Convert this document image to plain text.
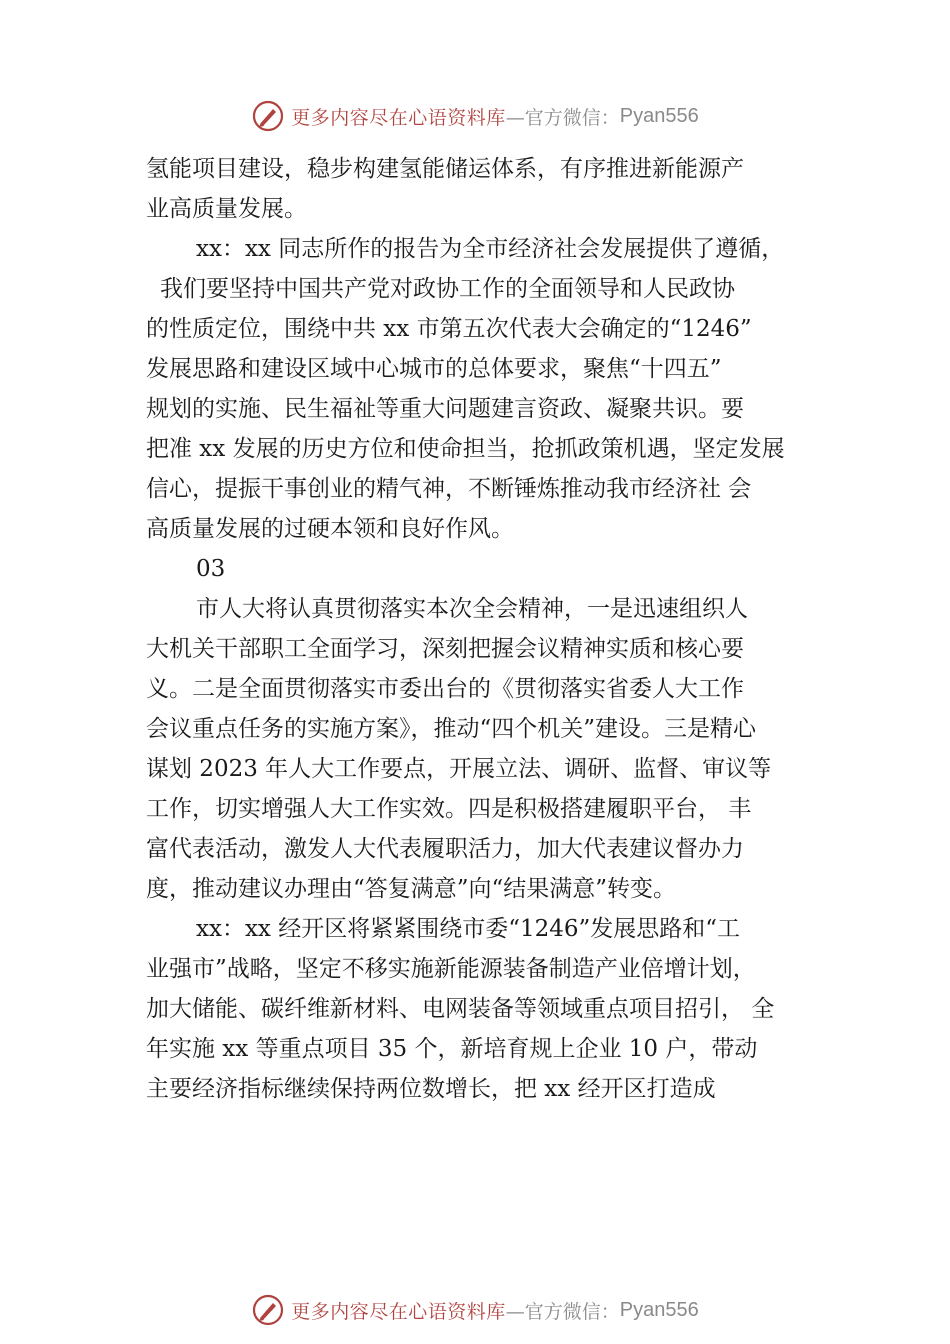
更多内容尽在心语资料库 —官方微信： Pyan556
氢能项目建设，稳步构建氢能储运体系，有序推进新能源产
业高质量发展。
xx：xx 同志所作的报告为全市经济社会发展提供了遵循，
我们要坚持中国共产党对政协工作的全面领导和人民政协
的性质定位，围绕中共 xx 市第五次代表大会确定的“1246”
发展思路和建设区域中心城市的总体要求，聚焦“十四五”
规划的实施、民生福祉等重大问题建言资政、凝聚共识。要
把准 xx 发展的历史方位和使命担当，抢抓政策机遇，坚定发展
信心，提振干事创业的精气神，不断锤炼推动我市经济社 会
高质量发展的过硬本领和良好作风。
03
市人大将认真贯彻落实本次全会精神，一是迅速组织人
大机关干部职工全面学习，深刻把握会议精神实质和核心要
义。二是全面贯彻落实市委出台的《贯彻落实省委人大工作
会议重点任务的实施方案》，推动“四个机关”建设。三是精心
谋划 2023 年人大工作要点，开展立法、调研、监督、审议等
工作，切实增强人大工作实效。四是积极搭建履职平台， 丰
富代表活动，激发人大代表履职活力，加大代表建议督办力
度，推动建议办理由“答复满意”向“结果满意”转变。
xx：xx 经开区将紧紧围绕市委“1246”发展思路和“工
业强市”战略，坚定不移实施新能源装备制造产业倍增计划，
加大储能、碳纤维新材料、电网装备等领域重点项目招引， 全
年实施 xx 等重点项目 35 个，新培育规上企业 10 户，带动
主要经济指标继续保持两位数增长，把 xx 经开区打造成
更多内容尽在心语资料库 —官方微信： Pyan556
